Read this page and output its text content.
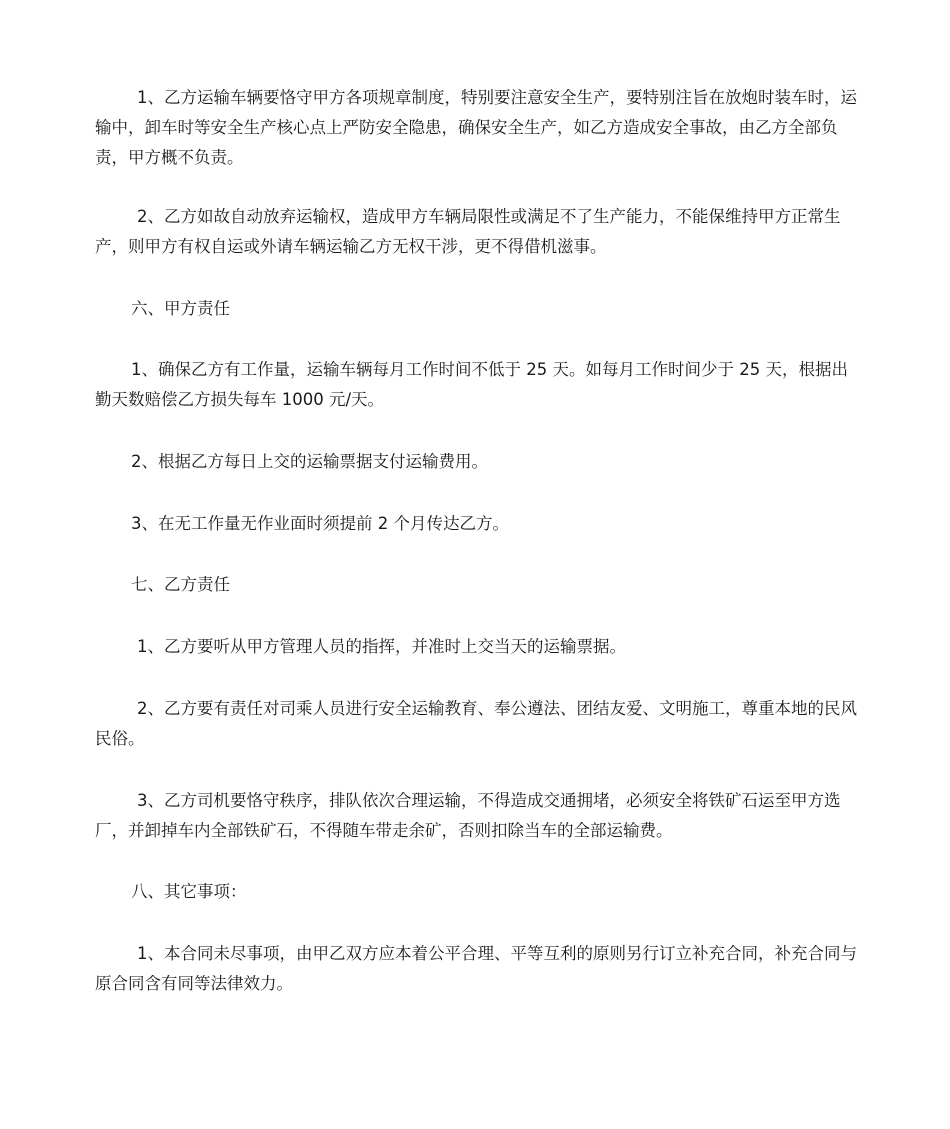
1、乙方运输车辆要恪守甲方各项规章制度，特别要注意安全生产，要特别注旨在放炮时装车时，运输中，卸车时等安全生产核心点上严防安全隐患，确保安全生产，如乙方造成安全事故，由乙方全部负责，甲方概不负责。

2、乙方如故自动放弃运输权，造成甲方车辆局限性或满足不了生产能力，不能保维持甲方正常生产，则甲方有权自运或外请车辆运输乙方无权干涉，更不得借机滋事。

六、甲方责任

1、确保乙方有工作量，运输车辆每月工作时间不低于 25 天。如每月工作时间少于 25 天，根据出勤天数赔偿乙方损失每车 1000 元/天。

2、根据乙方每日上交的运输票据支付运输费用。

3、在无工作量无作业面时须提前 2 个月传达乙方。

七、乙方责任

1、乙方要听从甲方管理人员的指挥，并准时上交当天的运输票据。

2、乙方要有责任对司乘人员进行安全运输教育、奉公遵法、团结友爱、文明施工，尊重本地的民风民俗。

3、乙方司机要恪守秩序，排队依次合理运输，不得造成交通拥堵，必须安全将铁矿石运至甲方选厂，并卸掉车内全部铁矿石，不得随车带走余矿，否则扣除当车的全部运输费。

八、其它事项：

1、本合同未尽事项，由甲乙双方应本着公平合理、平等互利的原则另行订立补充合同，补充合同与原合同含有同等法律效力。
